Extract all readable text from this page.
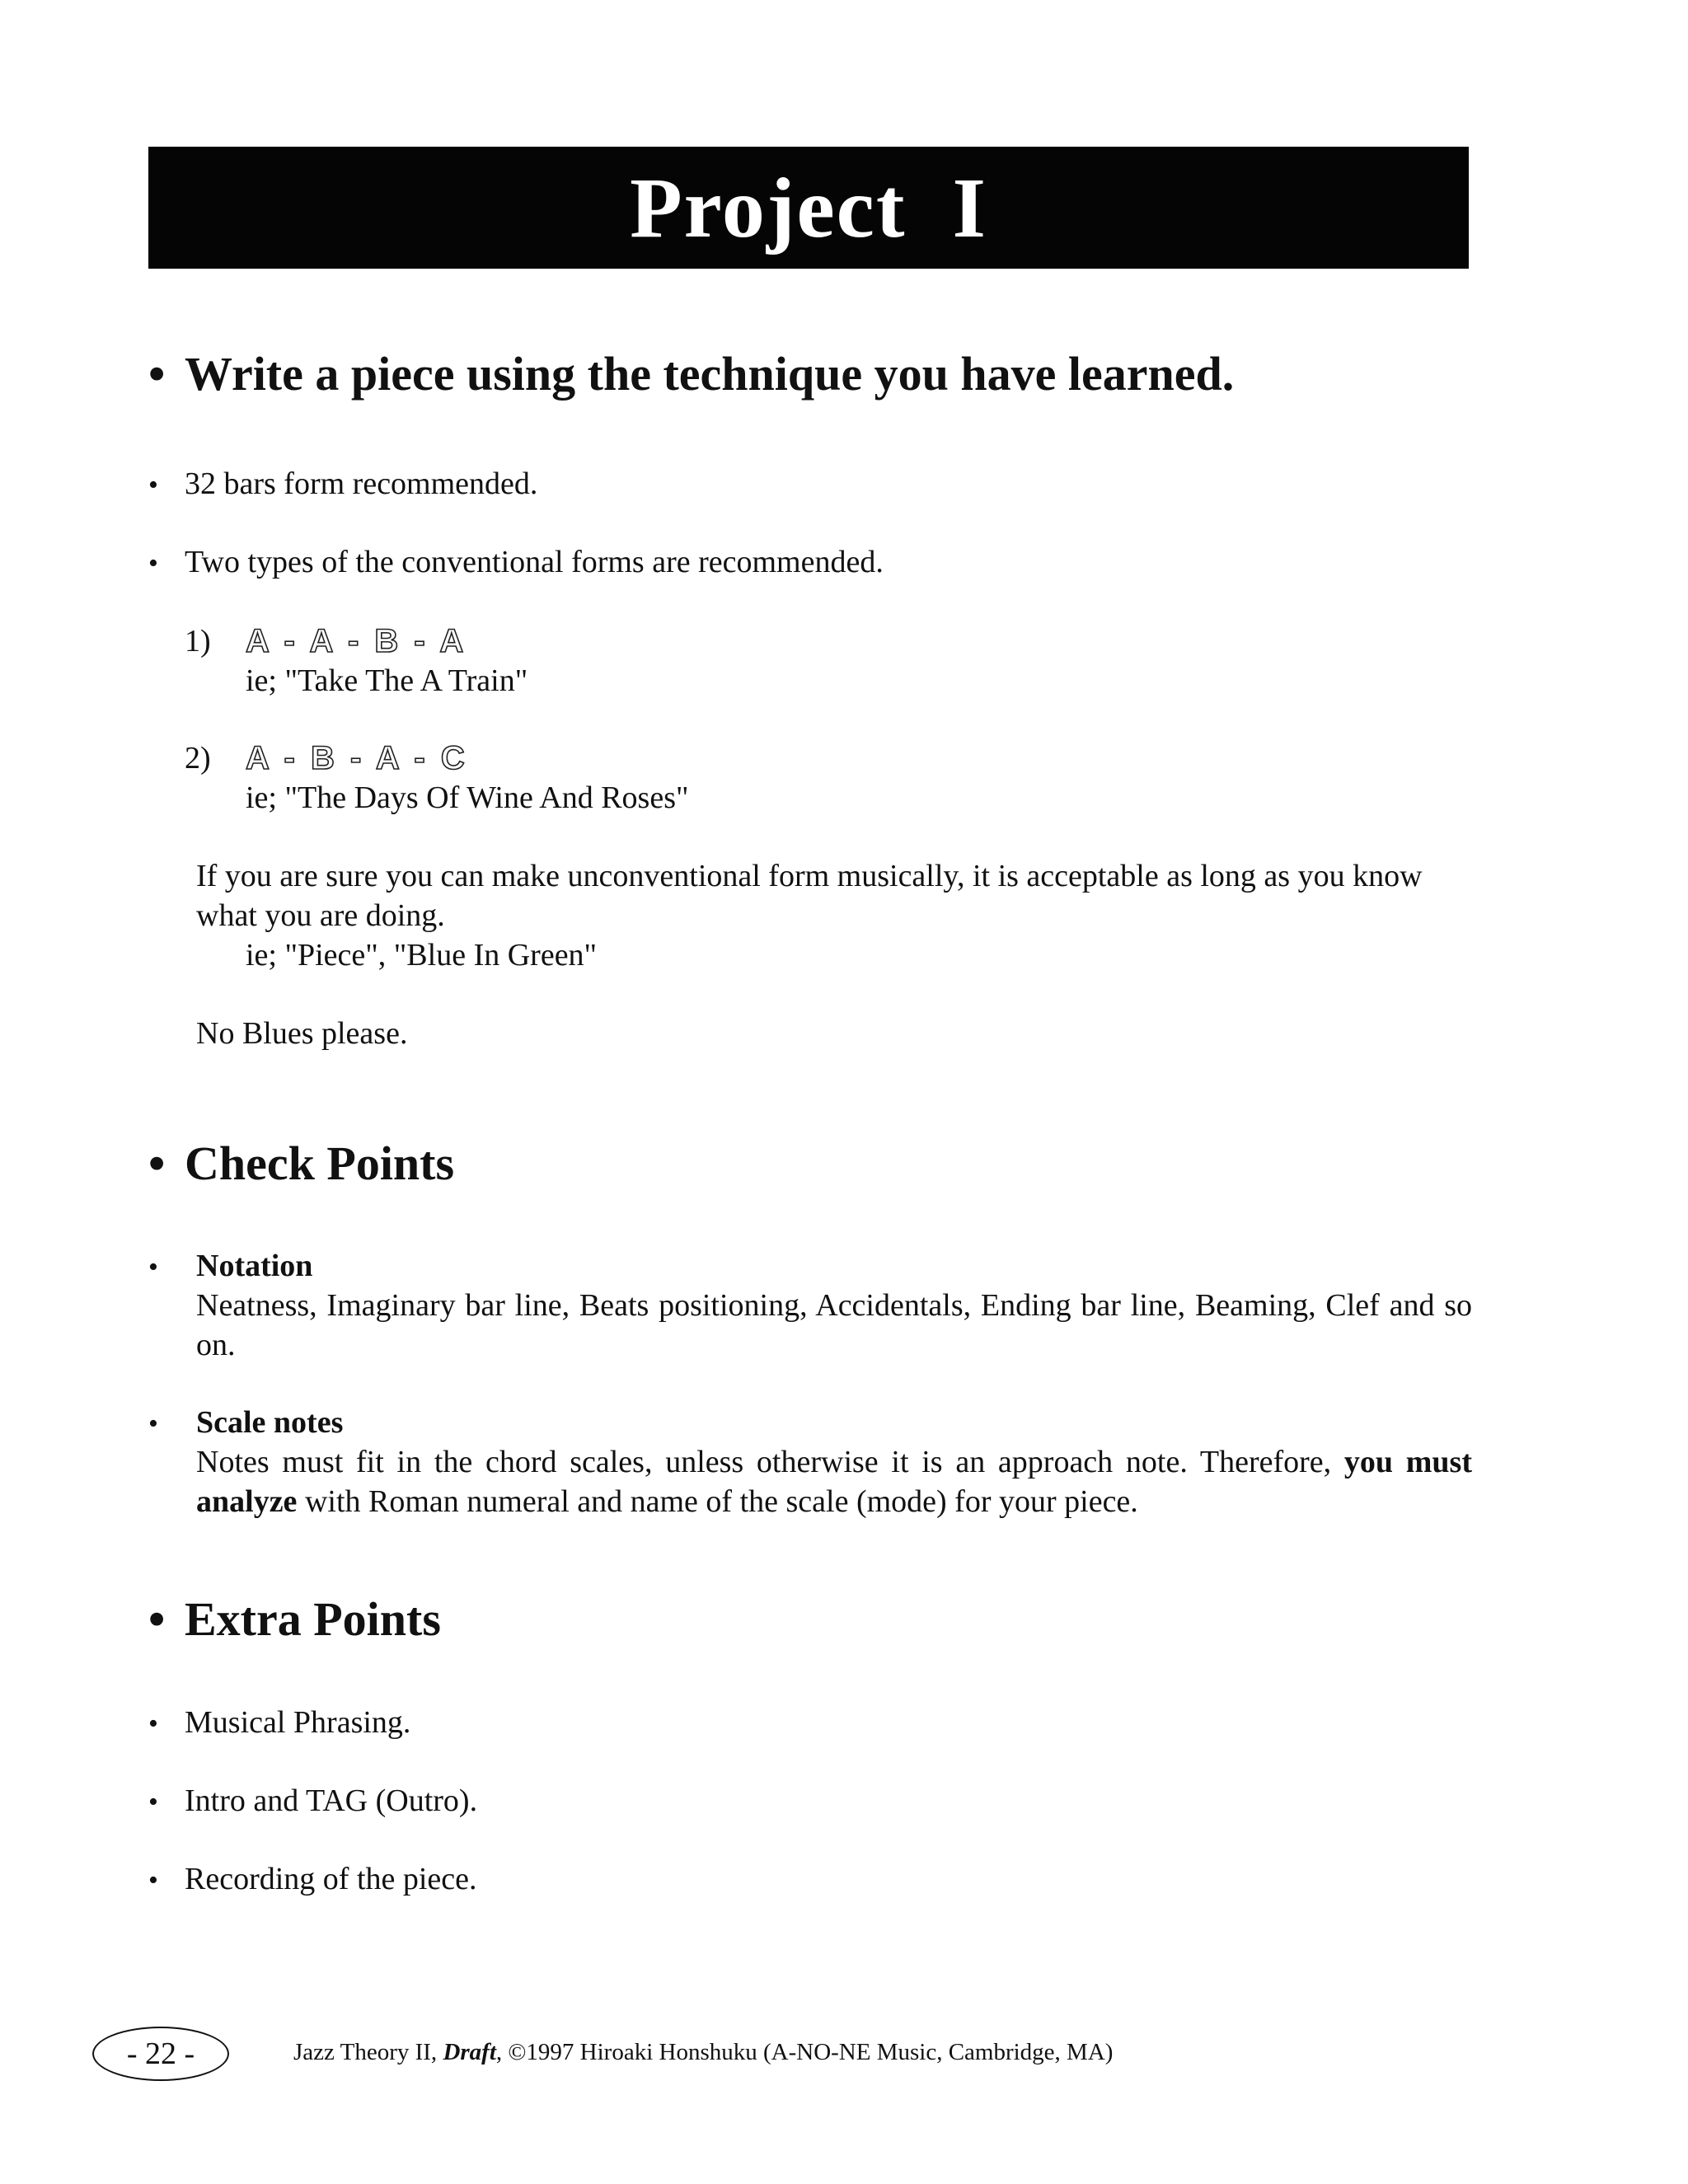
Project  I
• Write a piece using the technique you have learned.
• 32 bars form recommended.
• Two types of the conventional forms are recommended.
1) A - A - B - A
ie; "Take The A Train"
2) A - B - A - C
ie; "The Days Of Wine And Roses"
If you are sure you can make unconventional form musically, it is acceptable as long as you know what you are doing.
ie; "Piece", "Blue In Green"
No Blues please.
• Check Points
• Notation
Neatness, Imaginary bar line, Beats positioning, Accidentals, Ending bar line, Beaming, Clef and so on.
• Scale notes
Notes must fit in the chord scales, unless otherwise it is an approach note. Therefore, you must analyze with Roman numeral and name of the scale (mode) for your piece.
• Extra Points
• Musical Phrasing.
• Intro and TAG (Outro).
• Recording of the piece.
- 22 -	Jazz Theory II, Draft, ©1997 Hiroaki Honshuku (A-NO-NE Music, Cambridge, MA)
